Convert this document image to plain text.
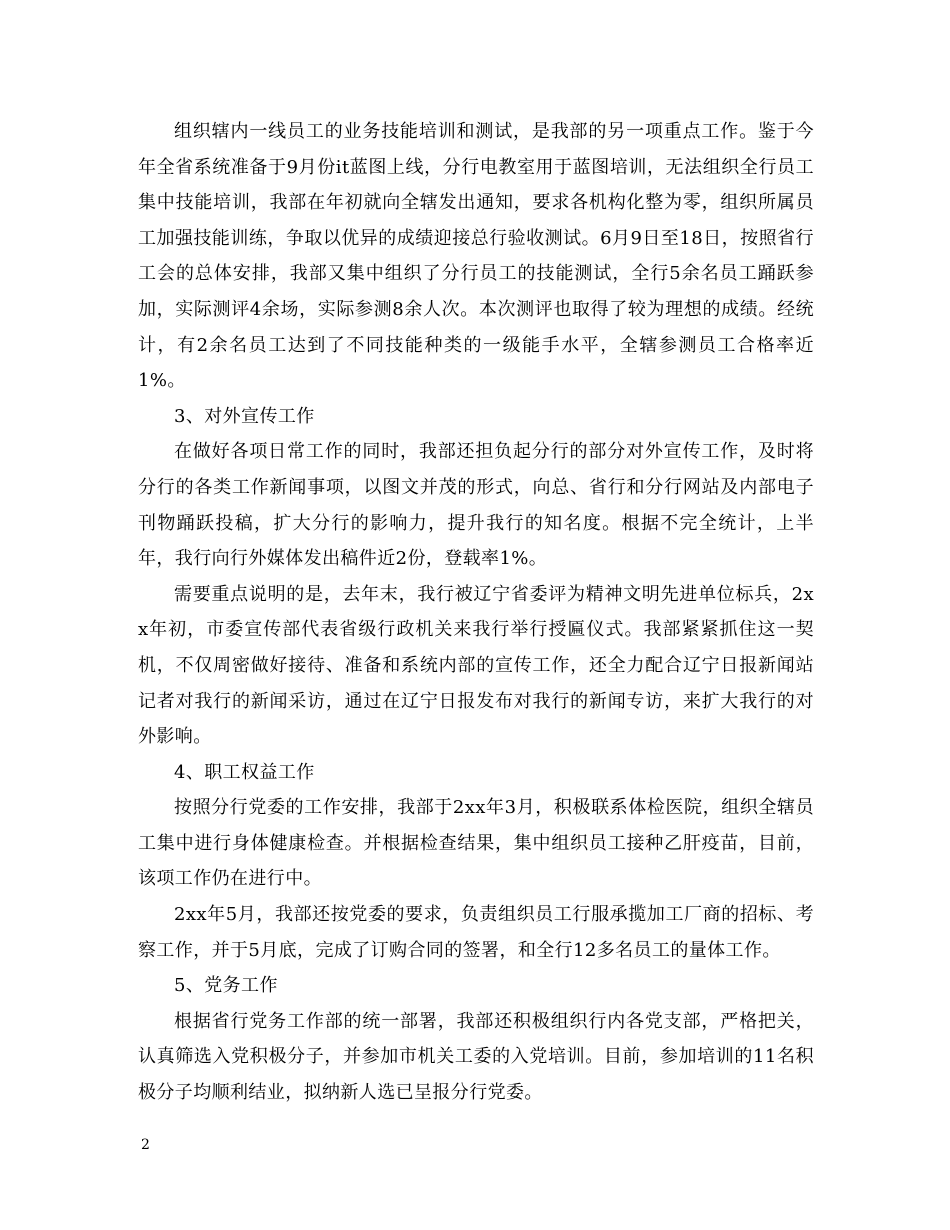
组织辖内一线员工的业务技能培训和测试，是我部的另一项重点工作。鉴于今年全省系统准备于9月份it蓝图上线，分行电教室用于蓝图培训，无法组织全行员工集中技能培训，我部在年初就向全辖发出通知，要求各机构化整为零，组织所属员工加强技能训练，争取以优异的成绩迎接总行验收测试。6月9日至18日，按照省行工会的总体安排，我部又集中组织了分行员工的技能测试，全行5余名员工踊跃参加，实际测评4余场，实际参测8余人次。本次测评也取得了较为理想的成绩。经统计，有2余名员工达到了不同技能种类的一级能手水平，全辖参测员工合格率近1%。

3、对外宣传工作

在做好各项日常工作的同时，我部还担负起分行的部分对外宣传工作，及时将分行的各类工作新闻事项，以图文并茂的形式，向总、省行和分行网站及内部电子刊物踊跃投稿，扩大分行的影响力，提升我行的知名度。根据不完全统计，上半年，我行向行外媒体发出稿件近2份，登载率1%。

需要重点说明的是，去年末，我行被辽宁省委评为精神文明先进单位标兵，2xx年初，市委宣传部代表省级行政机关来我行举行授匾仪式。我部紧紧抓住这一契机，不仅周密做好接待、准备和系统内部的宣传工作，还全力配合辽宁日报新闻站记者对我行的新闻采访，通过在辽宁日报发布对我行的新闻专访，来扩大我行的对外影响。

4、职工权益工作

按照分行党委的工作安排，我部于2xx年3月，积极联系体检医院，组织全辖员工集中进行身体健康检查。并根据检查结果，集中组织员工接种乙肝疫苗，目前，该项工作仍在进行中。

2xx年5月，我部还按党委的要求，负责组织员工行服承揽加工厂商的招标、考察工作，并于5月底，完成了订购合同的签署，和全行12多名员工的量体工作。

5、党务工作

根据省行党务工作部的统一部署，我部还积极组织行内各党支部，严格把关，认真筛选入党积极分子，并参加市机关工委的入党培训。目前，参加培训的11名积极分子均顺利结业，拟纳新人选已呈报分行党委。

2
